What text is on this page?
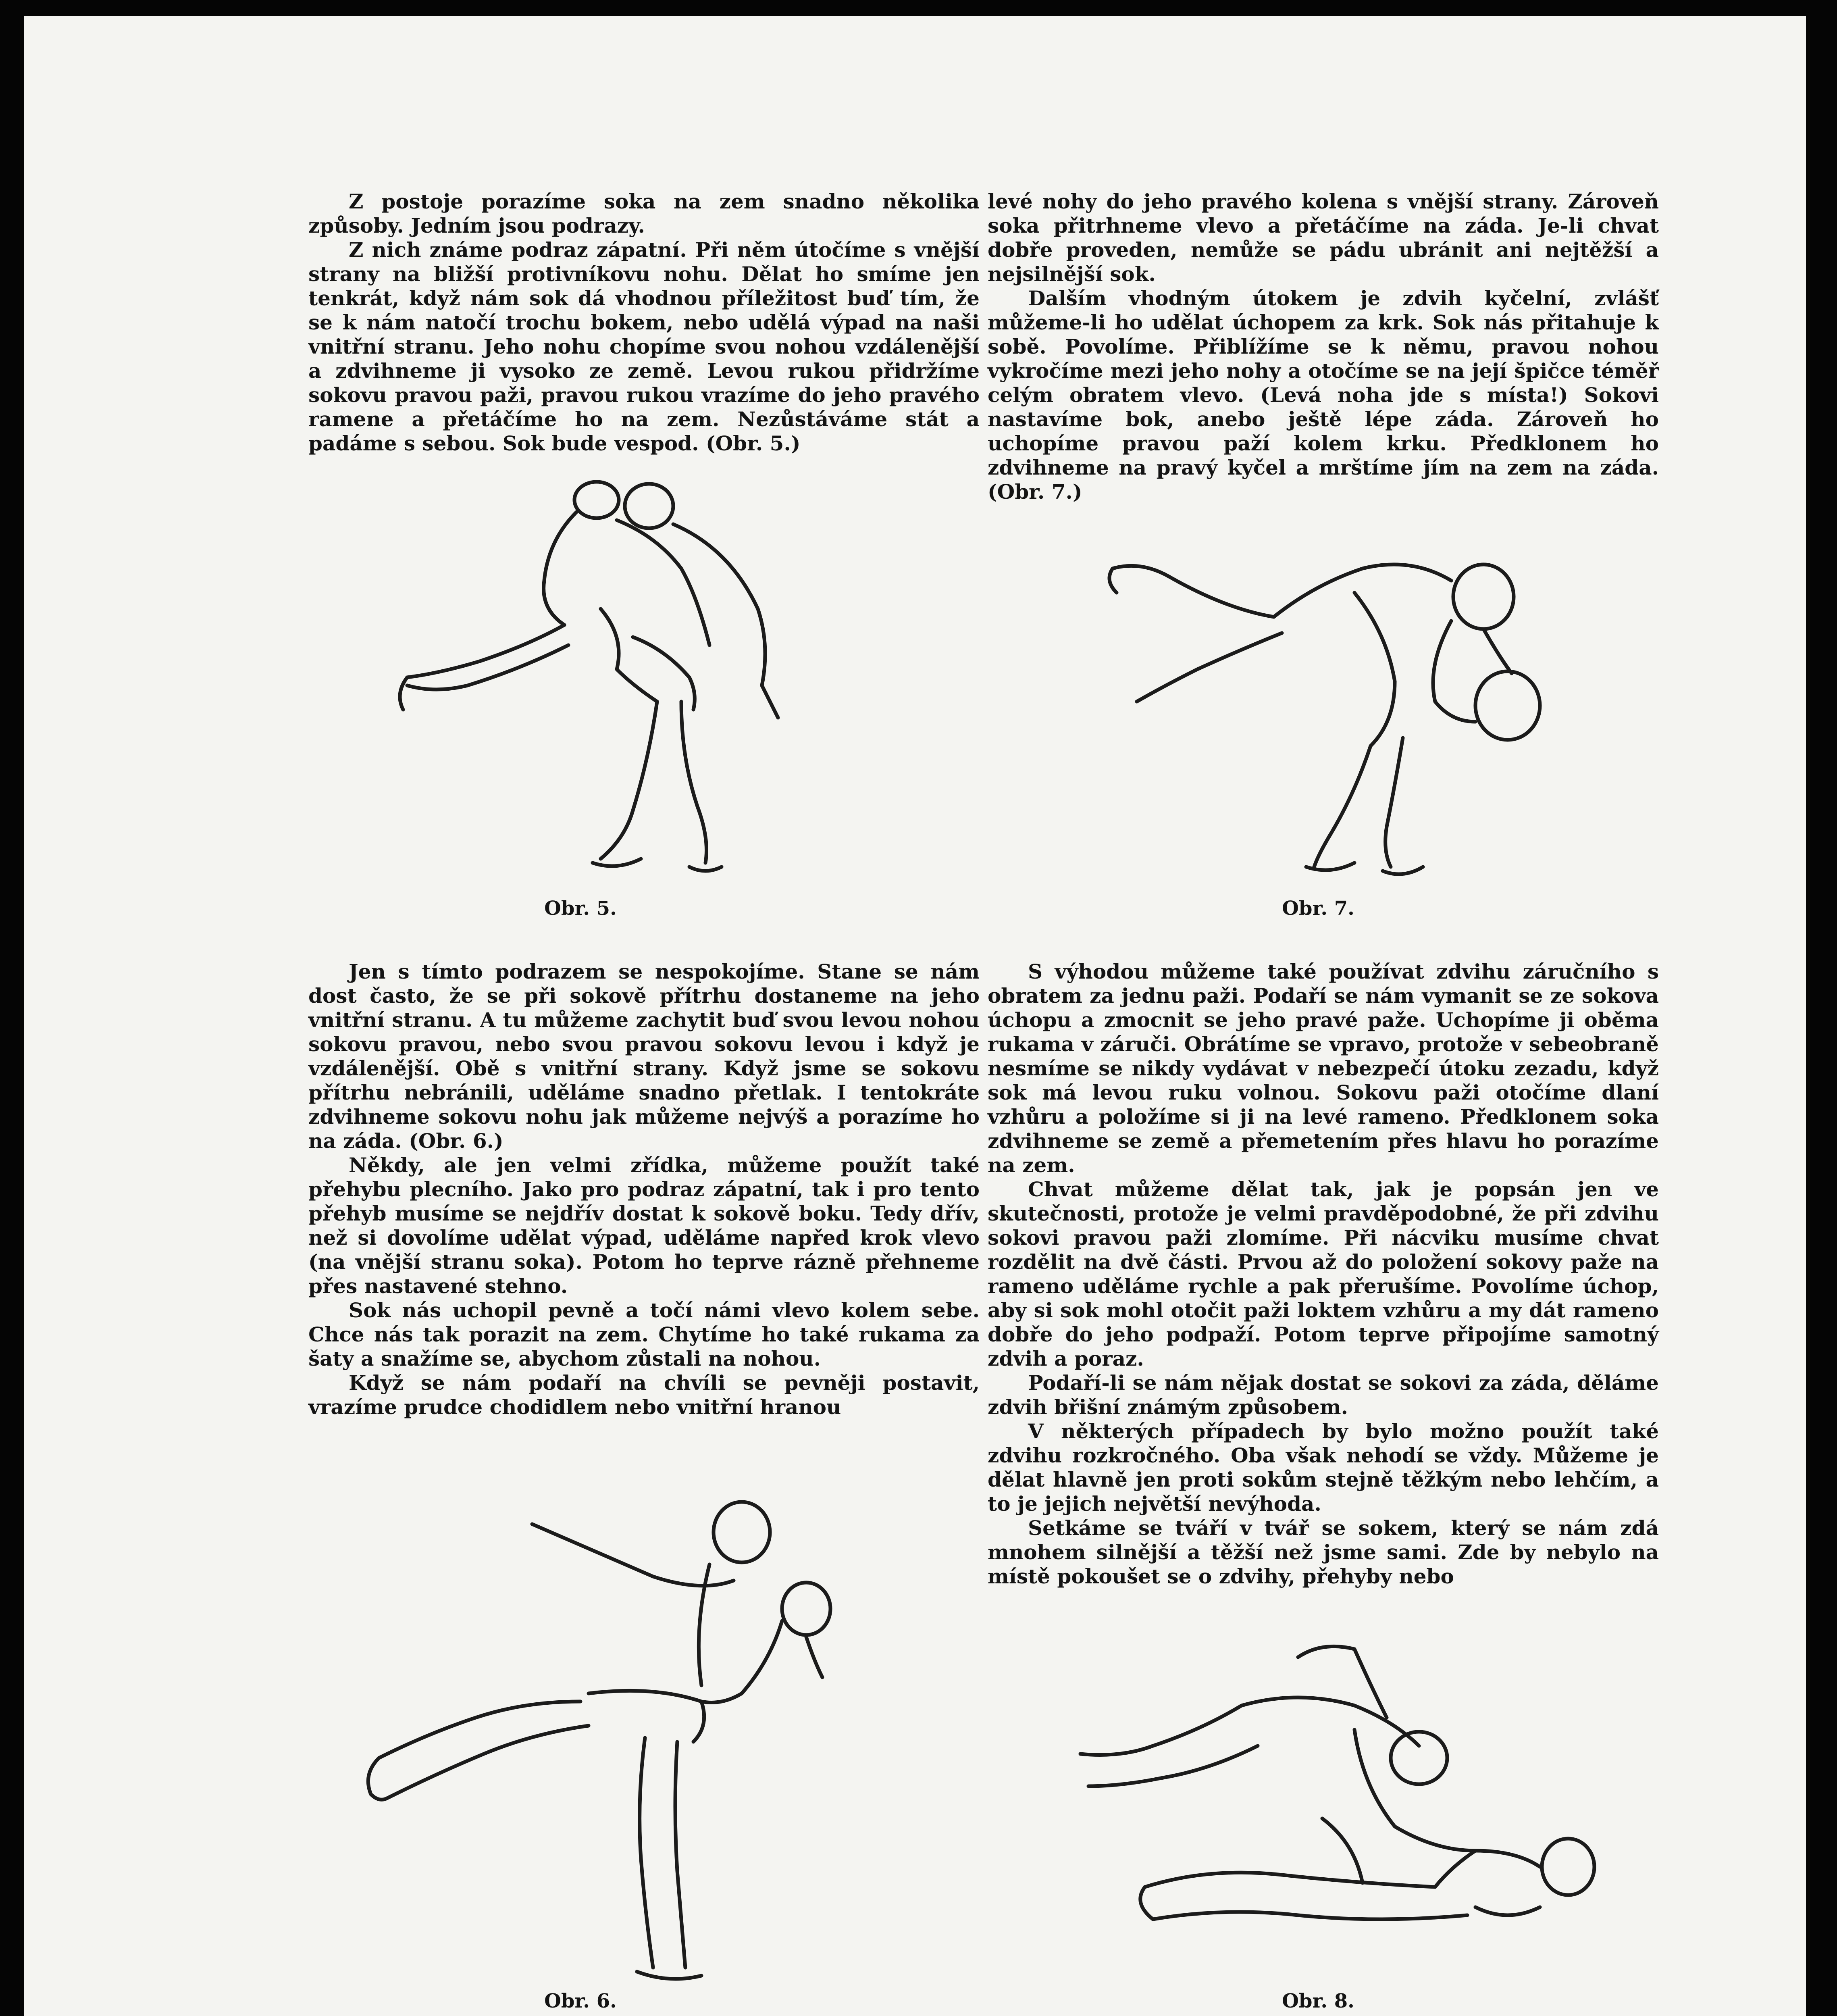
Z postoje porazíme soka na zem snadno několika způsoby. Jedním jsou podrazy.

Z nich známe podraz zápatní. Při něm útočíme s vnější strany na bližší protivníkovu nohu. Dělat ho smíme jen tenkrát, když nám sok dá vhodnou příležitost buď tím, že se k nám natočí trochu bokem, nebo udělá výpad na naši vnitřní stranu. Jeho nohu chopíme svou nohou vzdálenější a zdvihneme ji vysoko ze země. Levou rukou přidržíme sokovu pravou paži, pravou rukou vrazíme do jeho pravého ramene a přetáčíme ho na zem. Nezůstáváme stát a padáme s sebou. Sok bude vespod. (Obr. 5.)

levé nohy do jeho pravého kolena s vnější strany. Zároveň soka přitrhneme vlevo a přetáčíme na záda. Je-li chvat dobře proveden, nemůže se pádu ubránit ani nejtěžší a nejsilnější sok.

Dalším vhodným útokem je zdvih kyčelní, zvlášť můžeme-li ho udělat úchopem za krk. Sok nás přitahuje k sobě. Povolíme. Přiblížíme se k němu, pravou nohou vykročíme mezi jeho nohy a otočíme se na její špičce téměř celým obratem vlevo. (Levá noha jde s místa!) Sokovi nastavíme bok, anebo ještě lépe záda. Zároveň ho uchopíme pravou paží kolem krku. Předklonem ho zdvihneme na pravý kyčel a mrštíme jím na zem na záda. (Obr. 7.)

Obr. 5.	Obr. 7.

Jen s tímto podrazem se nespokojíme. Stane se nám dost často, že se při sokově přítrhu dostaneme na jeho vnitřní stranu. A tu můžeme zachytit buď svou levou nohou sokovu pravou, nebo svou pravou sokovu levou i když je vzdálenější. Obě s vnitřní strany. Když jsme se sokovu přítrhu nebránili, uděláme snadno přetlak. I tentokráte zdvihneme sokovu nohu jak můžeme nejvýš a porazíme ho na záda. (Obr. 6.)

Někdy, ale jen velmi zřídka, můžeme použít také přehybu plecního. Jako pro podraz zápatní, tak i pro tento přehyb musíme se nejdřív dostat k sokově boku. Tedy dřív, než si dovolíme udělat výpad, uděláme napřed krok vlevo (na vnější stranu soka). Potom ho teprve rázně přehneme přes nastavené stehno.

Sok nás uchopil pevně a točí námi vlevo kolem sebe. Chce nás tak porazit na zem. Chytíme ho také rukama za šaty a snažíme se, abychom zůstali na nohou.

Když se nám podaří na chvíli se pevněji postavit, vrazíme prudce chodidlem nebo vnitřní hranou

S výhodou můžeme také používat zdvihu záručního s obratem za jednu paži. Podaří se nám vymanit se ze sokova úchopu a zmocnit se jeho pravé paže. Uchopíme ji oběma rukama v záruči. Obrátíme se vpravo, protože v sebeobraně nesmíme se nikdy vydávat v nebezpečí útoku zezadu, když sok má levou ruku volnou. Sokovu paži otočíme dlaní vzhůru a položíme si ji na levé rameno. Předklonem soka zdvihneme se země a přemetením přes hlavu ho porazíme na zem.

Chvat můžeme dělat tak, jak je popsán jen ve skutečnosti, protože je velmi pravděpodobné, že při zdvihu sokovi pravou paži zlomíme. Při nácviku musíme chvat rozdělit na dvě části. Prvou až do položení sokovy paže na rameno uděláme rychle a pak přerušíme. Povolíme úchop, aby si sok mohl otočit paži loktem vzhůru a my dát rameno dobře do jeho podpaží. Potom teprve připojíme samotný zdvih a poraz.

Podaří-li se nám nějak dostat se sokovi za záda, děláme zdvih břišní známým způsobem.

V některých případech by bylo možno použít také zdvihu rozkročného. Oba však nehodí se vždy. Můžeme je dělat hlavně jen proti sokům stejně těžkým nebo lehčím, a to je jejich největší nevýhoda.

Setkáme se tváří v tvář se sokem, který se nám zdá mnohem silnější a těžší než jsme sami. Zde by nebylo na místě pokoušet se o zdvihy, přehyby nebo

Obr. 6.	Obr. 8.
